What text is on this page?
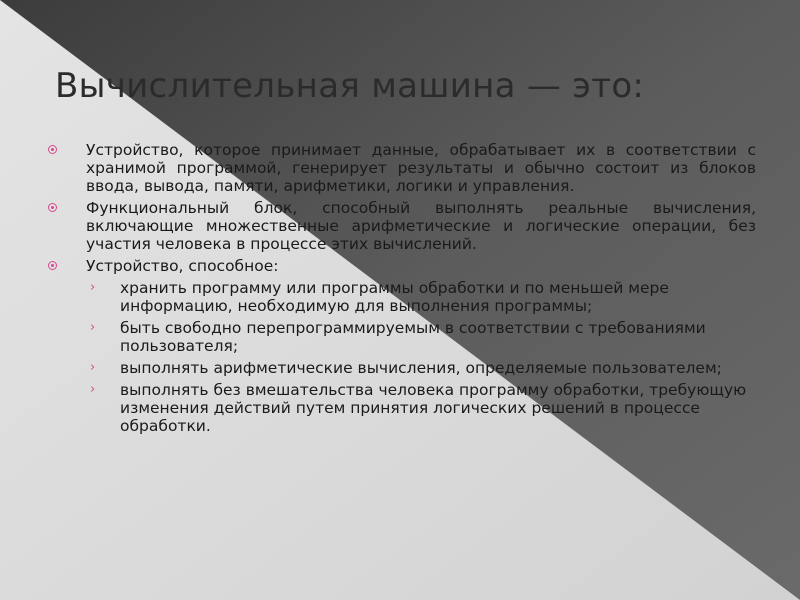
Вычислительная машина — это:
Устройство, которое принимает данные, обрабатывает их в соответствии с хранимой программой, генерирует результаты и обычно состоит из блоков ввода, вывода, памяти, арифметики, логики и управления.
Функциональный блок, способный выполнять реальные вычисления, включающие множественные арифметические и логические операции, без участия человека в процессе этих вычислений.
Устройство, способное:
› хранить программу или программы обработки и по меньшей мере информацию, необходимую для выполнения программы;
› быть свободно перепрограммируемым в соответствии с требованиями пользователя;
› выполнять арифметические вычисления, определяемые пользователем;
› выполнять без вмешательства человека программу обработки, требующую изменения действий путем принятия логических решений в процессе обработки.
